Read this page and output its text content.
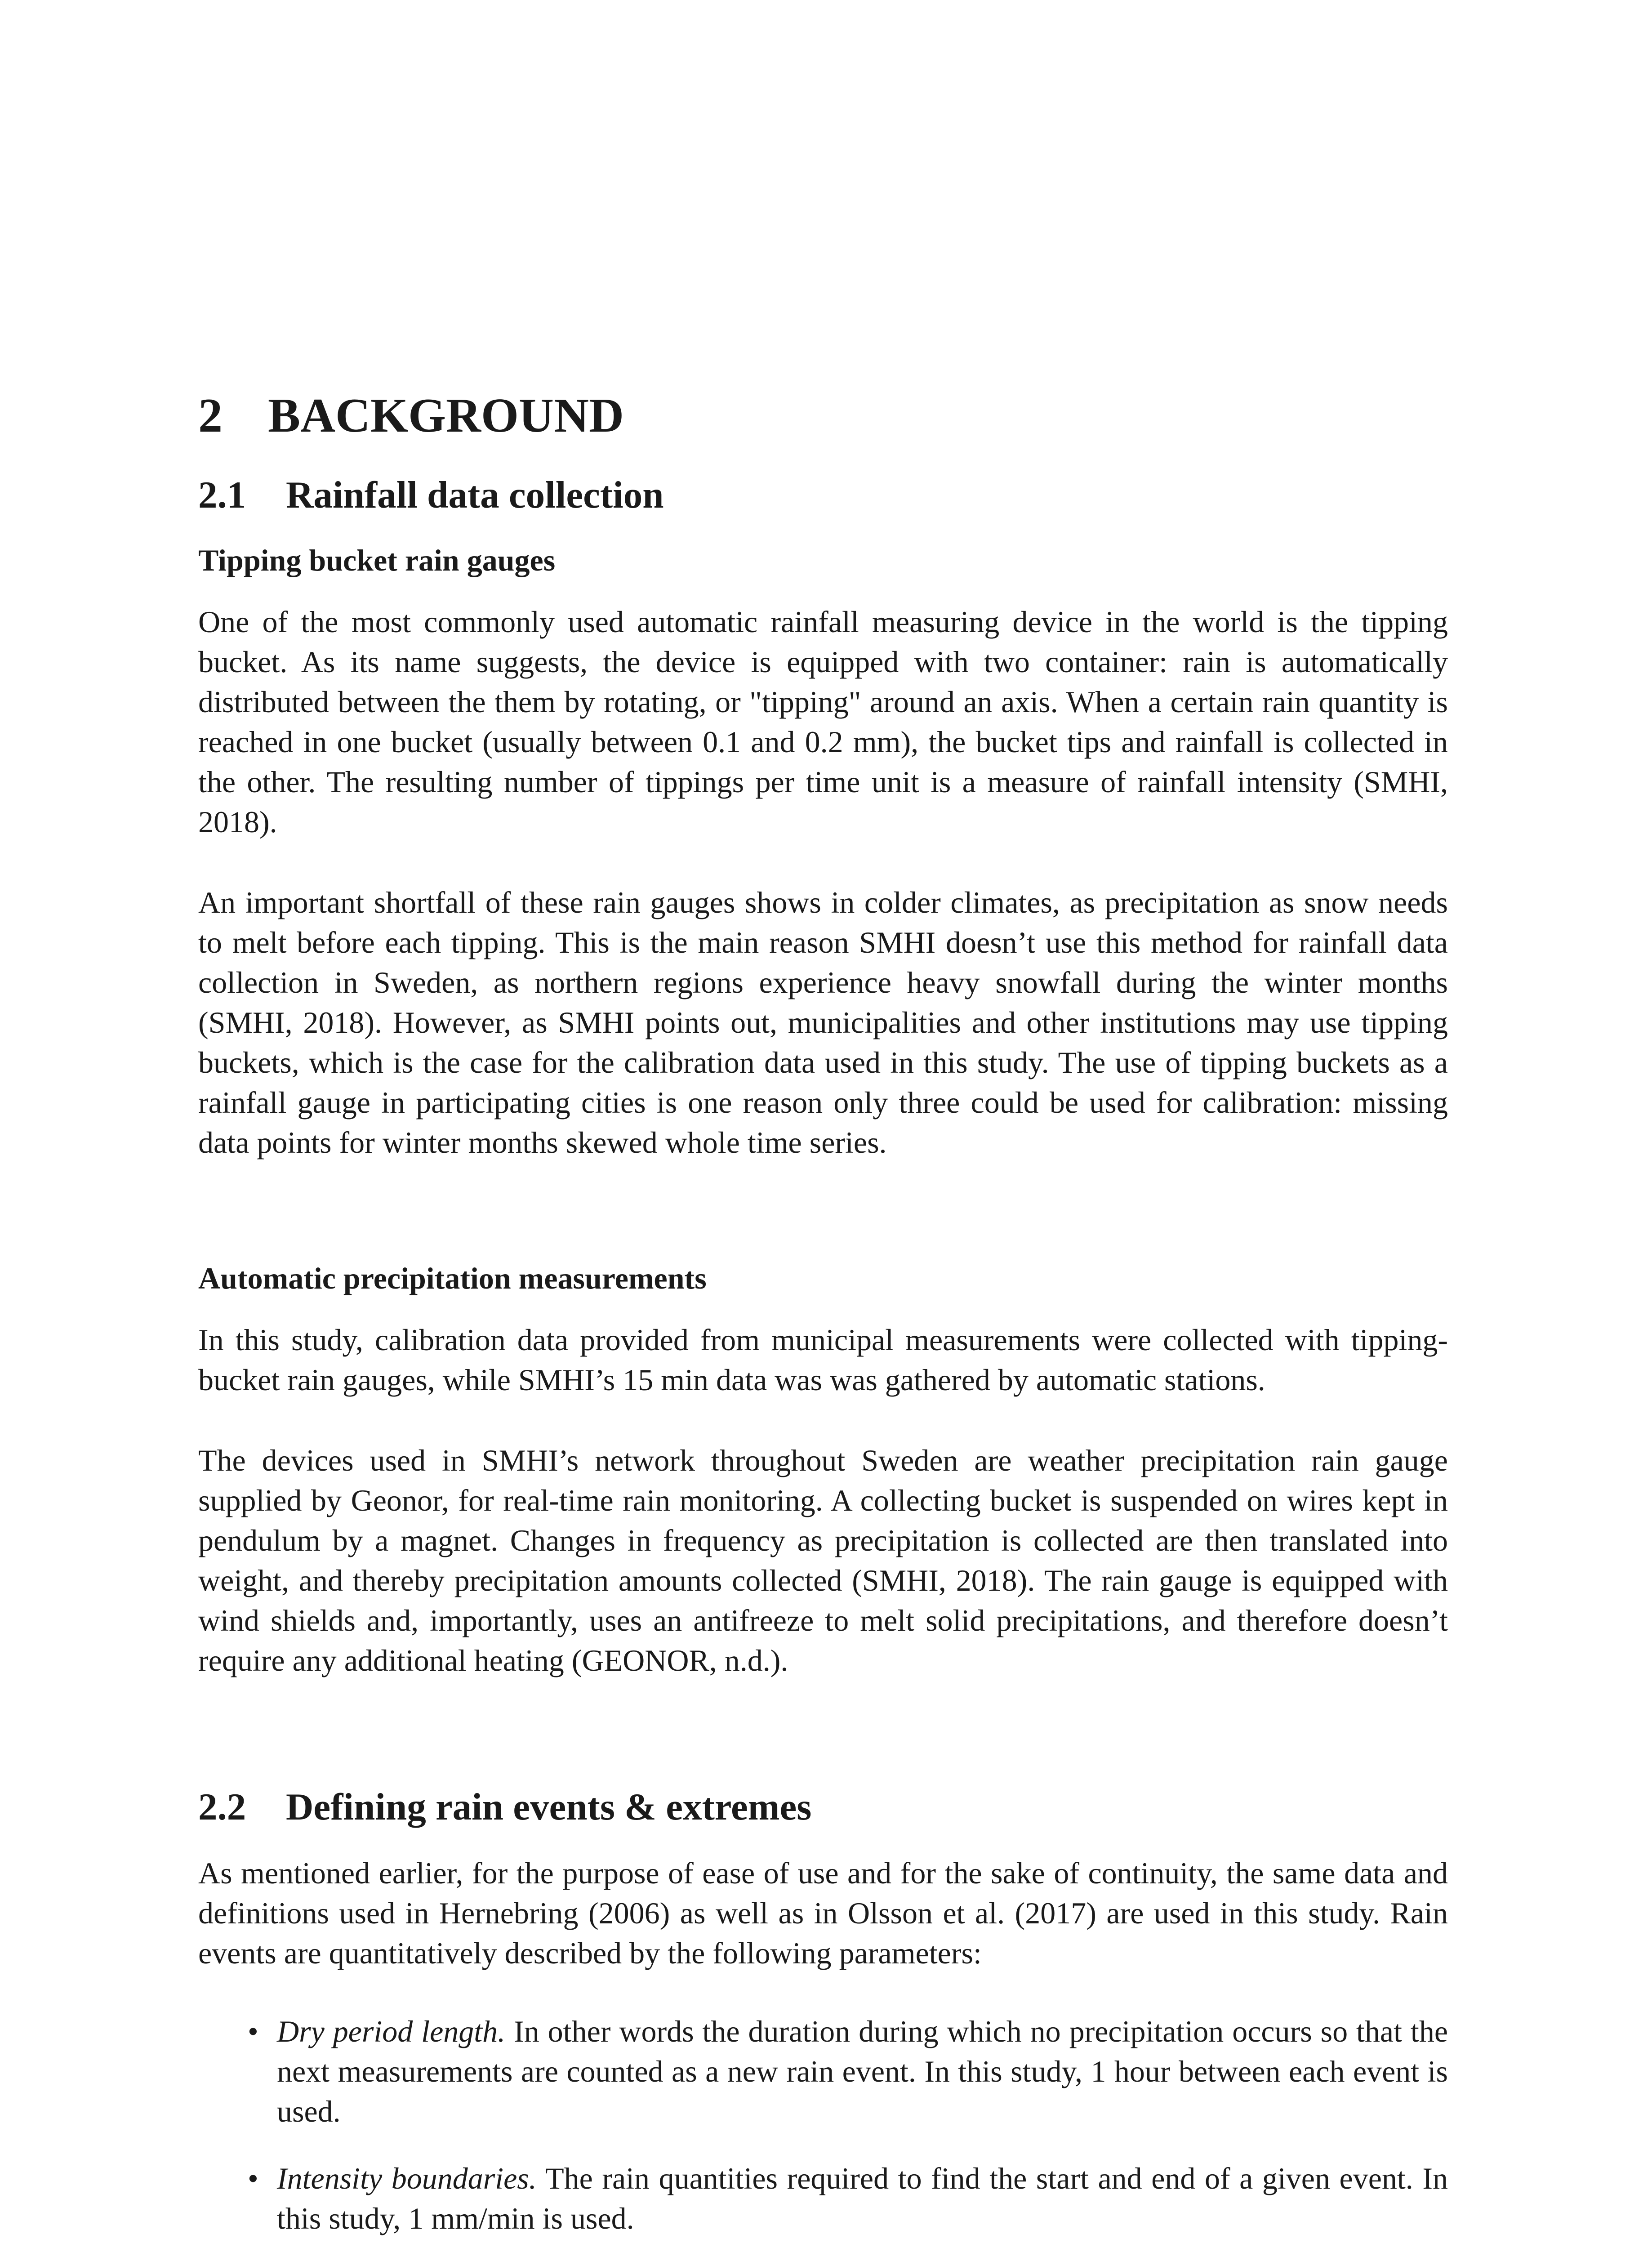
2 BACKGROUND
2.1 Rainfall data collection
Tipping bucket rain gauges

One of the most commonly used automatic rainfall measuring device in the world is the tipping bucket. As its name suggests, the device is equipped with two container: rain is automatically distributed between the them by rotating, or "tipping" around an axis. When a certain rain quantity is reached in one bucket (usually between 0.1 and 0.2 mm), the bucket tips and rainfall is collected in the other. The resulting number of tippings per time unit is a measure of rainfall intensity (SMHI, 2018).

An important shortfall of these rain gauges shows in colder climates, as precipitation as snow needs to melt before each tipping. This is the main reason SMHI doesn’t use this method for rainfall data collection in Sweden, as northern regions experience heavy snowfall during the winter months (SMHI, 2018). However, as SMHI points out, municipalities and other institutions may use tipping buckets, which is the case for the calibration data used in this study. The use of tipping buckets as a rainfall gauge in participating cities is one reason only three could be used for calibration: missing data points for winter months skewed whole time series.

Automatic precipitation measurements

In this study, calibration data provided from municipal measurements were collected with tipping-bucket rain gauges, while SMHI’s 15 min data was was gathered by automatic stations.

The devices used in SMHI’s network throughout Sweden are weather precipitation rain gauge supplied by Geonor, for real-time rain monitoring. A collecting bucket is suspended on wires kept in pendulum by a magnet. Changes in frequency as precipitation is collected are then translated into weight, and thereby precipitation amounts collected (SMHI, 2018). The rain gauge is equipped with wind shields and, importantly, uses an antifreeze to melt solid precipitations, and therefore doesn’t require any additional heating (GEONOR, n.d.).

2.2 Defining rain events & extremes

As mentioned earlier, for the purpose of ease of use and for the sake of continuity, the same data and definitions used in Hernebring (2006) as well as in Olsson et al. (2017) are used in this study. Rain events are quantitatively described by the following parameters:

• Dry period length. In other words the duration during which no precipitation occurs so that the next measurements are counted as a new rain event. In this study, 1 hour between each event is used.
• Intensity boundaries. The rain quantities required to find the start and end of a given event. In this study, 1 mm/min is used.
